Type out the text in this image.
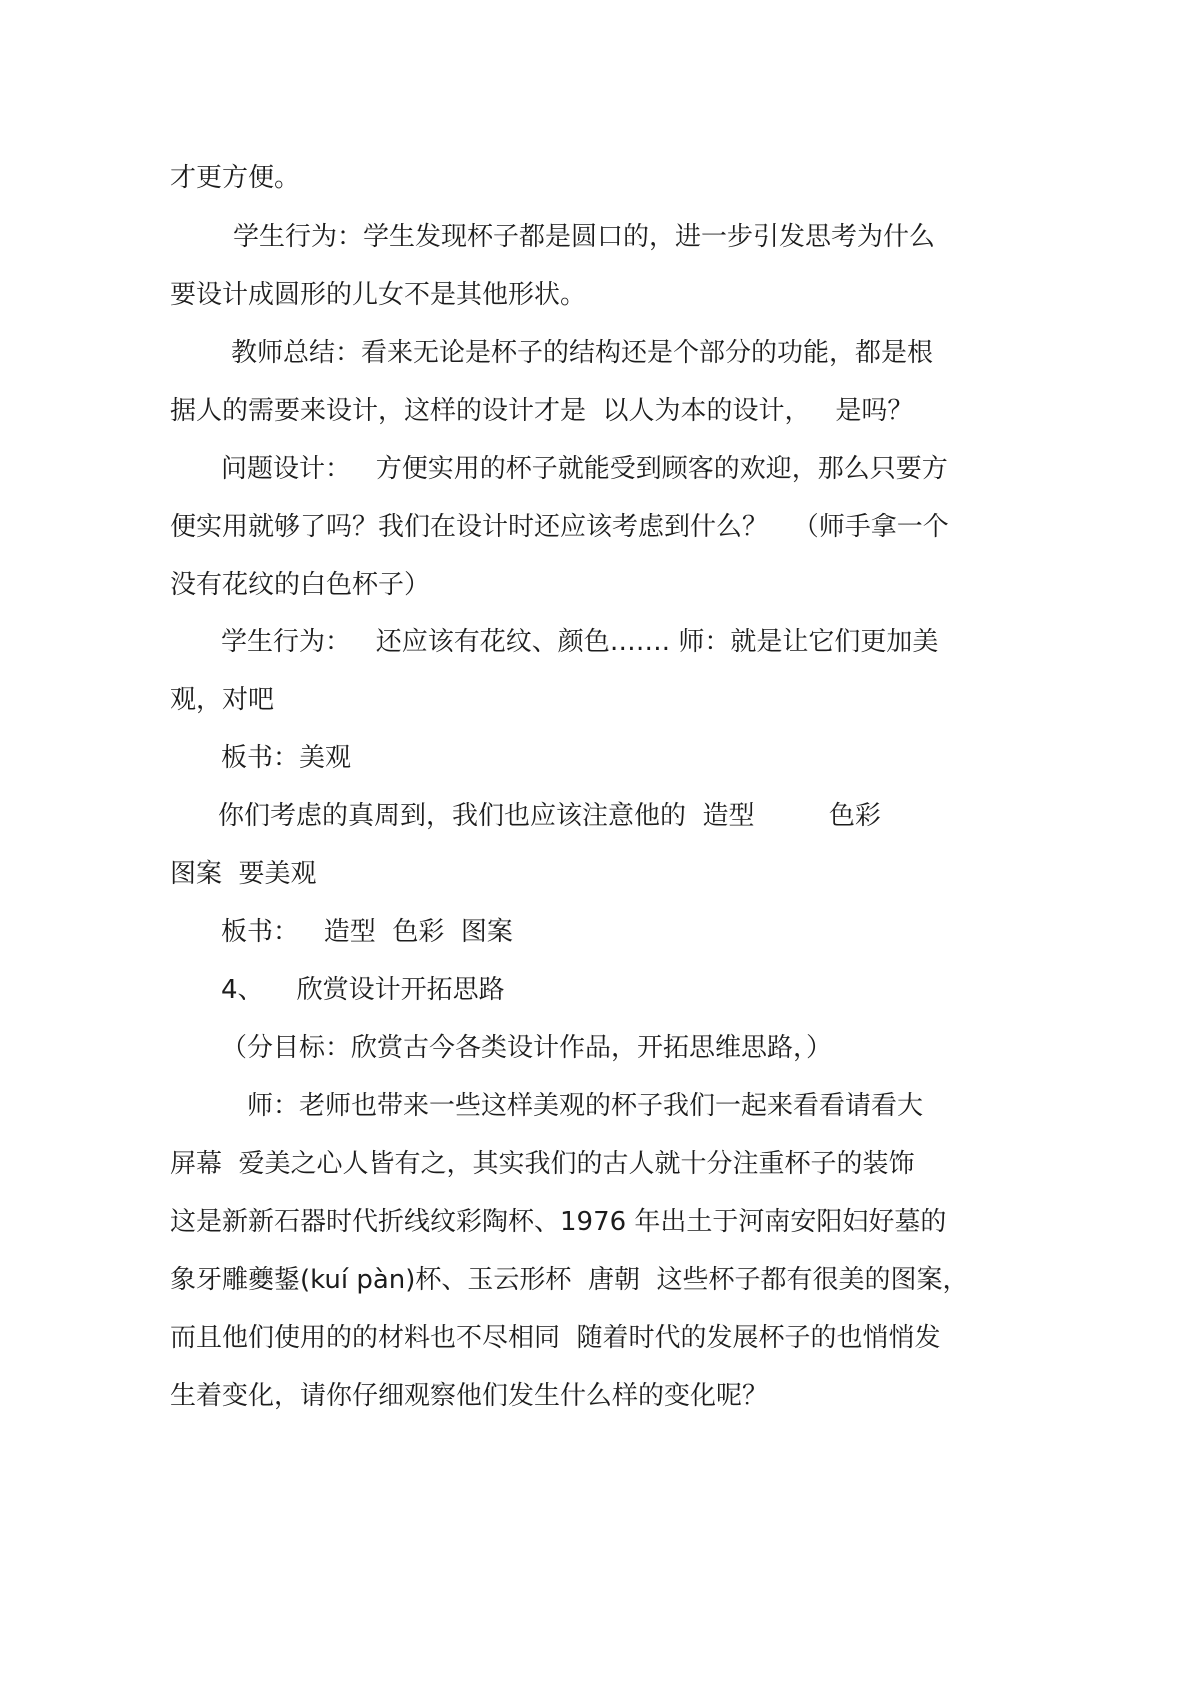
才更方便。
学生行为：学生发现杯子都是圆口的，进一步引发思考为什么
要设计成圆形的儿女不是其他形状。
教师总结：看来无论是杯子的结构还是个部分的功能，都是根
据人的需要来设计，这样的设计才是  以人为本的设计，   是吗？
问题设计：   方便实用的杯子就能受到顾客的欢迎，那么只要方
便实用就够了吗？我们在设计时还应该考虑到什么？   （师手拿一个
没有花纹的白色杯子）
学生行为：   还应该有花纹、颜色……. 师：就是让它们更加美
观，对吧
板书：美观
你们考虑的真周到，我们也应该注意他的  造型         色彩
图案  要美观
板书：   造型  色彩  图案
4、    欣赏设计开拓思路
（分目标：欣赏古今各类设计作品，开拓思维思路，）
师：老师也带来一些这样美观的杯子我们一起来看看请看大
屏幕  爱美之心人皆有之，其实我们的古人就十分注重杯子的装饰
这是新新石器时代折线纹彩陶杯、1976 年出土于河南安阳妇好墓的
象牙雕夔鋬(kuí pàn)杯、玉云形杯  唐朝  这些杯子都有很美的图案，
而且他们使用的的材料也不尽相同  随着时代的发展杯子的也悄悄发
生着变化，请你仔细观察他们发生什么样的变化呢？
